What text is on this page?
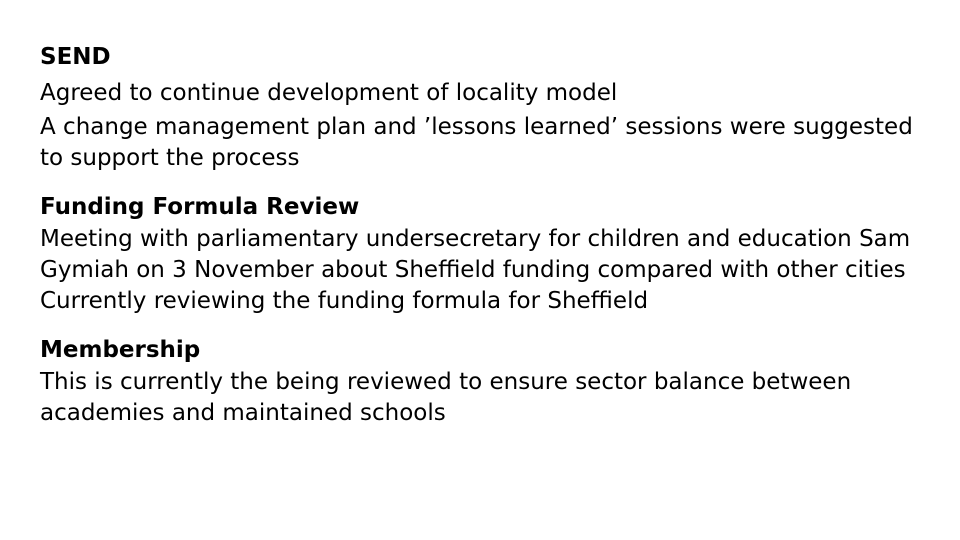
SEND

Agreed to continue development of locality model

A change management plan and ’lessons learned’ sessions were suggested to support the process

Funding Formula Review

Meeting with parliamentary undersecretary for children and education Sam Gymiah on 3 November about Sheffield funding compared with other cities

Currently reviewing the funding formula for Sheffield

Membership

This is currently the being reviewed to ensure sector balance between academies and maintained schools
